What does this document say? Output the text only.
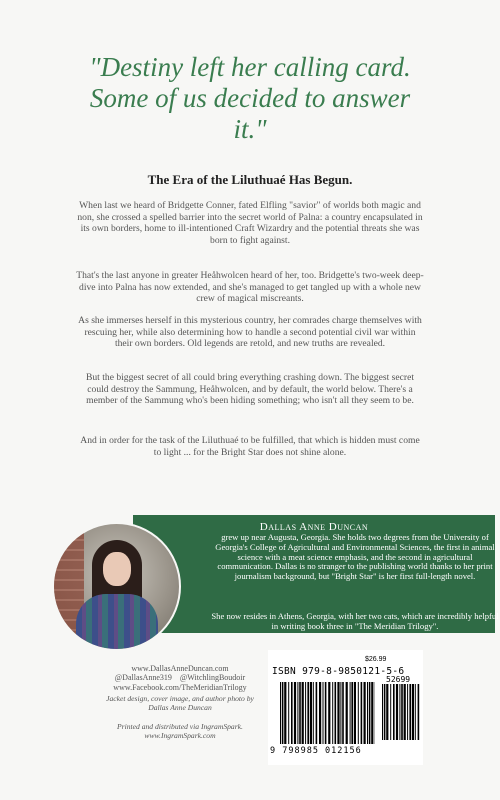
"Destiny left her calling card. Some of us decided to answer it."
The Era of the Liluthuaé Has Begun.
When last we heard of Bridgette Conner, fated Elfling "savior" of worlds both magic and non, she crossed a spelled barrier into the secret world of Palna: a country encapsulated in its own borders, home to ill-intentioned Craft Wizardry and the potential threats she was born to fight against.
That's the last anyone in greater Heåhwolcen heard of her, too. Bridgette's two-week deep-dive into Palna has now extended, and she's managed to get tangled up with a whole new crew of magical miscreants.
As she immerses herself in this mysterious country, her comrades charge themselves with rescuing her, while also determining how to handle a second potential civil war within their own borders. Old legends are retold, and new truths are revealed.
But the biggest secret of all could bring everything crashing down. The biggest secret could destroy the Sammung, Heåhwolcen, and by default, the world below. There's a member of the Sammung who's been hiding something; who isn't all they seem to be.
And in order for the task of the Liluthuaé to be fulfilled, that which is hidden must come to light ... for the Bright Star does not shine alone.
Dallas Anne Duncan
grew up near Augusta, Georgia. She holds two degrees from the University of Georgia's College of Agricultural and Environmental Sciences, the first in animal science with a meat science emphasis, and the second in agricultural communication. Dallas is no stranger to the publishing world thanks to her print journalism background, but "Bright Star" is her first full-length novel.
She now resides in Athens, Georgia, with her two cats, which are incredibly helpful in writing book three in "The Meridian Trilogy".
www.DallasAnneDuncan.com
@DallasAnne319    @WitchlingBoudoir
www.Facebook.com/TheMeridianTrilogy
Jacket design, cover image, and author photo by
Dallas Anne Duncan
Printed and distributed via IngramSpark.
www.IngramSpark.com
$26.99
ISBN 979-8-9850121-5-6
52699
9 798985 012156
